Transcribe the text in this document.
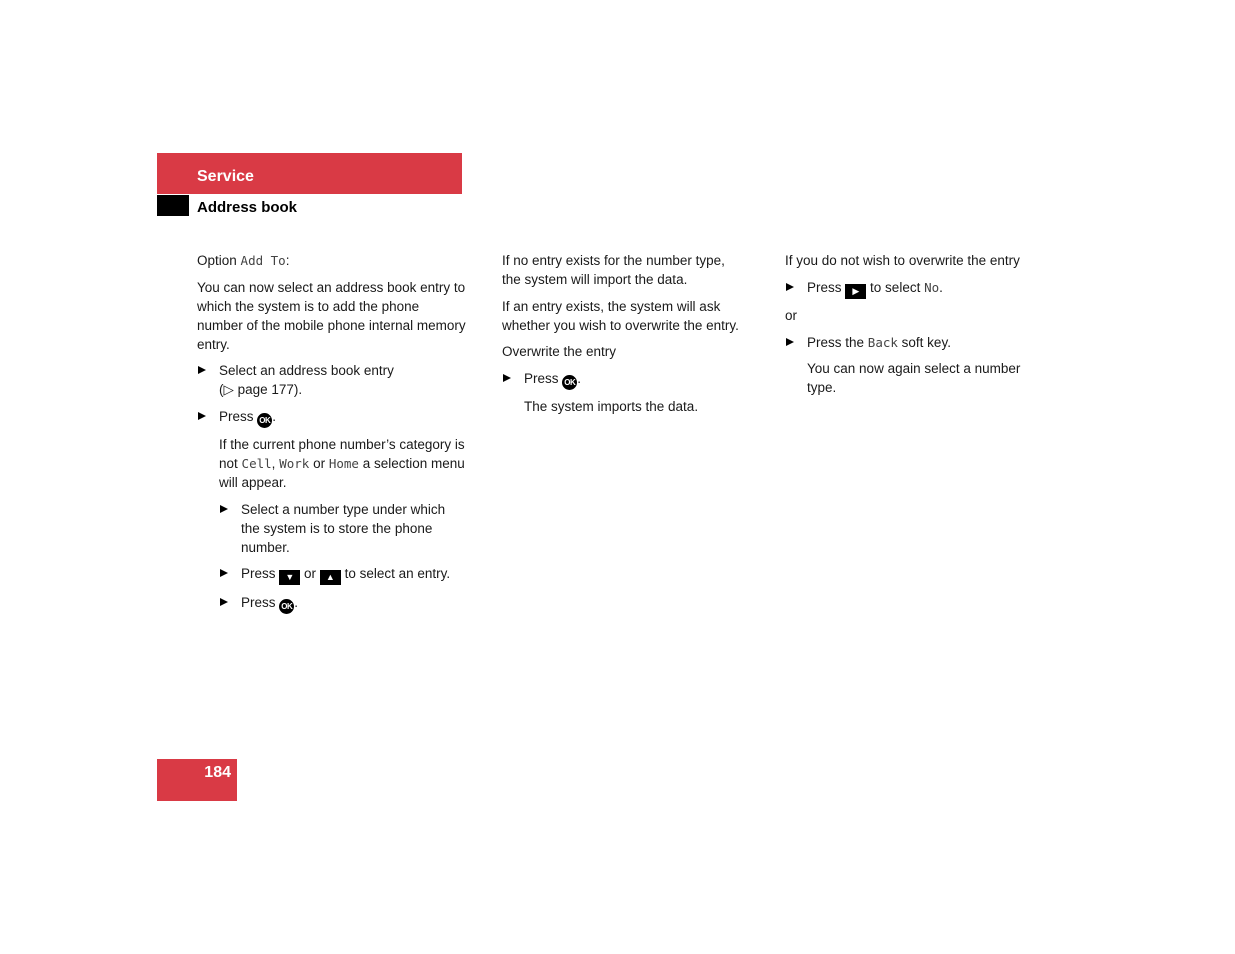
Service
Address book

Option Add To:

You can now select an address book entry to which the system is to add the phone number of the mobile phone internal memory entry.

Select an address book entry
(▷ page 177).
Press OK .

If the current phone number’s category is not Cell, Work or Home a selection menu will appear.

Select a number type under which the system is to store the phone number.
Press ▼ or ▲ to select an entry.
Press OK .

If no entry exists for the number type, the system will import the data.

If an entry exists, the system will ask whether you wish to overwrite the entry.

Overwrite the entry

Press OK .

The system imports the data.

If you do not wish to overwrite the entry

Press ▶ to select No.

or

Press the Back soft key.

You can now again select a number type.

184
